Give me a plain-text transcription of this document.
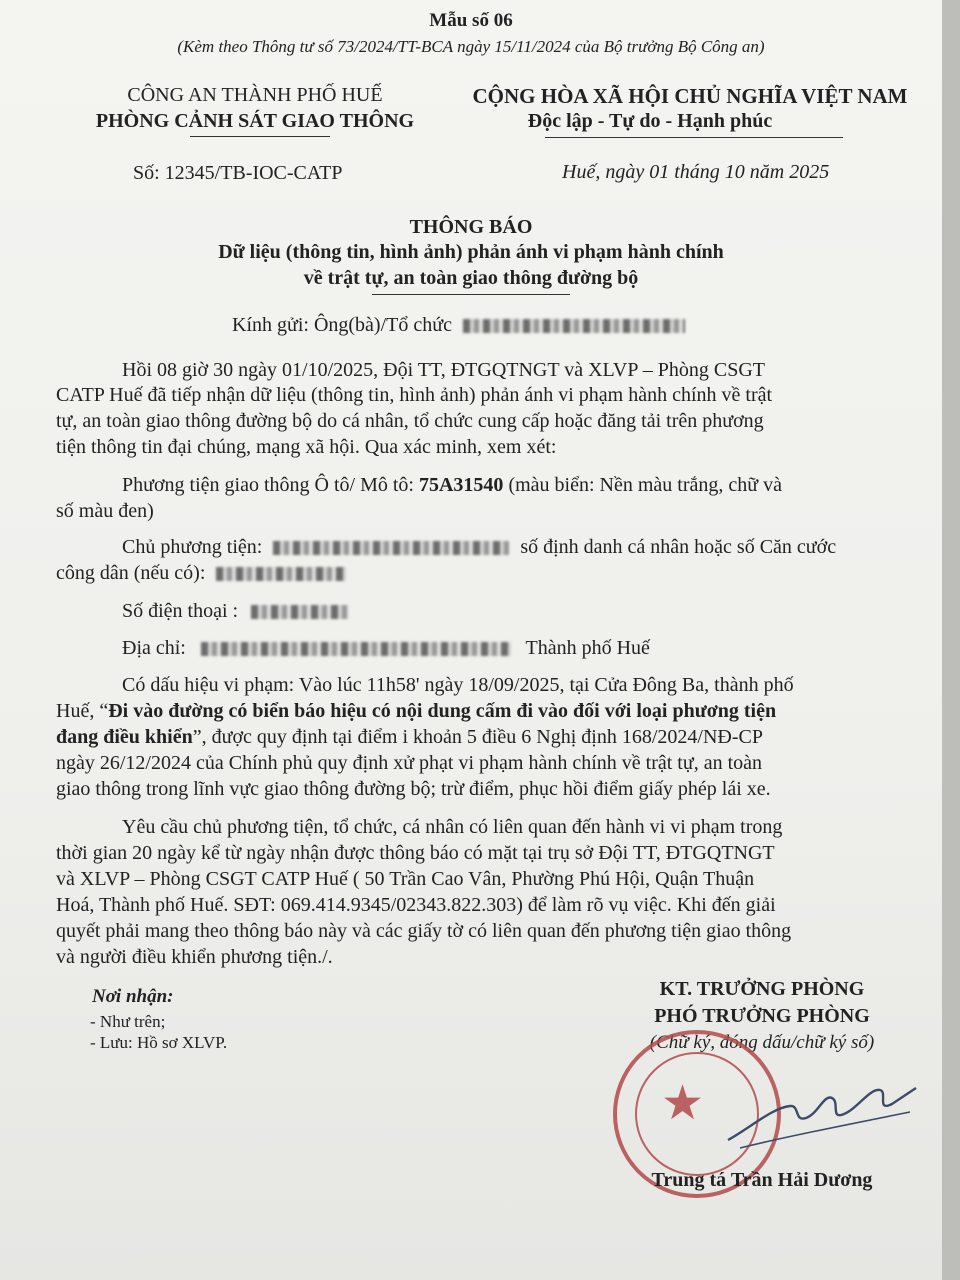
Mẫu số 06
(Kèm theo Thông tư số 73/2024/TT-BCA ngày 15/11/2024 của Bộ trưởng Bộ Công an)
CÔNG AN THÀNH PHỐ HUẾ
PHÒNG CẢNH SÁT GIAO THÔNG
CỘNG HÒA XÃ HỘI CHỦ NGHĨA VIỆT NAM
Độc lập - Tự do - Hạnh phúc
Số: 12345/TB-IOC-CATP	Huế, ngày 01 tháng 10 năm 2025
THÔNG BÁO
Dữ liệu (thông tin, hình ảnh) phản ánh vi phạm hành chính
về trật tự, an toàn giao thông đường bộ
Kính gửi: Ông(bà)/Tổ chức
Hồi 08 giờ 30 ngày 01/10/2025, Đội TT, ĐTGQTNGT và XLVP – Phòng CSGT
CATP Huế đã tiếp nhận dữ liệu (thông tin, hình ảnh) phản ánh vi phạm hành chính về trật
tự, an toàn giao thông đường bộ do cá nhân, tổ chức cung cấp hoặc đăng tải trên phương
tiện thông tin đại chúng, mạng xã hội. Qua xác minh, xem xét:
Phương tiện giao thông Ô tô/ Mô tô: 75A31540 (màu biển: Nền màu trắng, chữ và
số màu đen)
Chủ phương tiện:	số định danh cá nhân hoặc số Căn cước
công dân (nếu có):
Số điện thoại :
Địa chỉ:	Thành phố Huế
Có dấu hiệu vi phạm: Vào lúc 11h58' ngày 18/09/2025, tại Cửa Đông Ba, thành phố
Huế, “Đi vào đường có biển báo hiệu có nội dung cấm đi vào đối với loại phương tiện
đang điều khiển”, được quy định tại điểm i khoản 5 điều 6 Nghị định 168/2024/NĐ-CP
ngày 26/12/2024 của Chính phủ quy định xử phạt vi phạm hành chính về trật tự, an toàn
giao thông trong lĩnh vực giao thông đường bộ; trừ điểm, phục hồi điểm giấy phép lái xe.
Yêu cầu chủ phương tiện, tổ chức, cá nhân có liên quan đến hành vi vi phạm trong
thời gian 20 ngày kể từ ngày nhận được thông báo có mặt tại trụ sở Đội TT, ĐTGQTNGT
và XLVP – Phòng CSGT CATP Huế ( 50 Trần Cao Vân, Phường Phú Hội, Quận Thuận
Hoá, Thành phố Huế. SĐT: 069.414.9345/02343.822.303) để làm rõ vụ việc. Khi đến giải
quyết phải mang theo thông báo này và các giấy tờ có liên quan đến phương tiện giao thông
và người điều khiển phương tiện./.
Nơi nhận:
- Như trên;
- Lưu: Hồ sơ XLVP.
KT. TRƯỞNG PHÒNG
PHÓ TRƯỞNG PHÒNG
(Chữ ký, đóng dấu/chữ ký số)
★
Trung tá Trần Hải Dương
